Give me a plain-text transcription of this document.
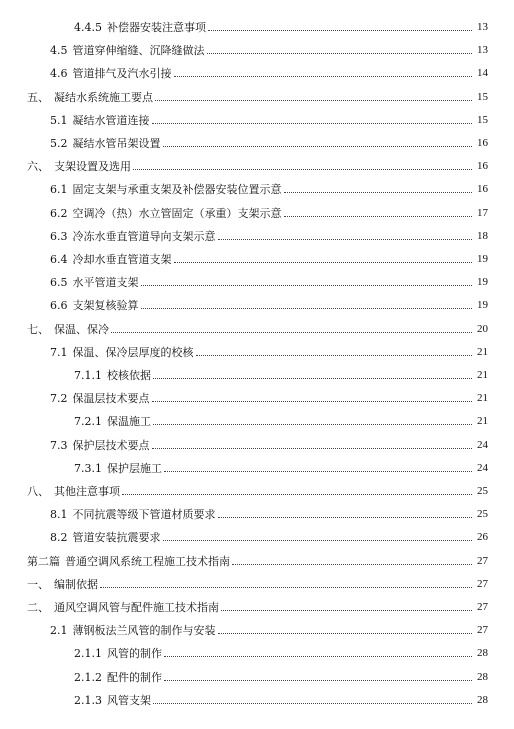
4.4.5 补偿器安装注意事项	13
4.5 管道穿伸缩缝、沉降缝做法	13
4.6 管道排气及汽水引接	14
五、 凝结水系统施工要点	15
5.1 凝结水管道连接	15
5.2 凝结水管吊架设置	16
六、 支架设置及选用	16
6.1 固定支架与承重支架及补偿器安装位置示意	16
6.2 空调冷（热）水立管固定（承重）支架示意	17
6.3 冷冻水垂直管道导向支架示意	18
6.4 冷却水垂直管道支架	19
6.5 水平管道支架	19
6.6 支架复核验算	19
七、 保温、保冷	20
7.1 保温、保冷层厚度的校核	21
7.1.1 校核依据	21
7.2 保温层技术要点	21
7.2.1 保温施工	21
7.3 保护层技术要点	24
7.3.1 保护层施工	24
八、 其他注意事项	25
8.1 不同抗震等级下管道材质要求	25
8.2 管道安装抗震要求	26
第二篇 普通空调风系统工程施工技术指南	27
一、 编制依据	27
二、 通风空调风管与配件施工技术指南	27
2.1 薄钢板法兰风管的制作与安装	27
2.1.1 风管的制作	28
2.1.2 配件的制作	28
2.1.3 风管支架	28
